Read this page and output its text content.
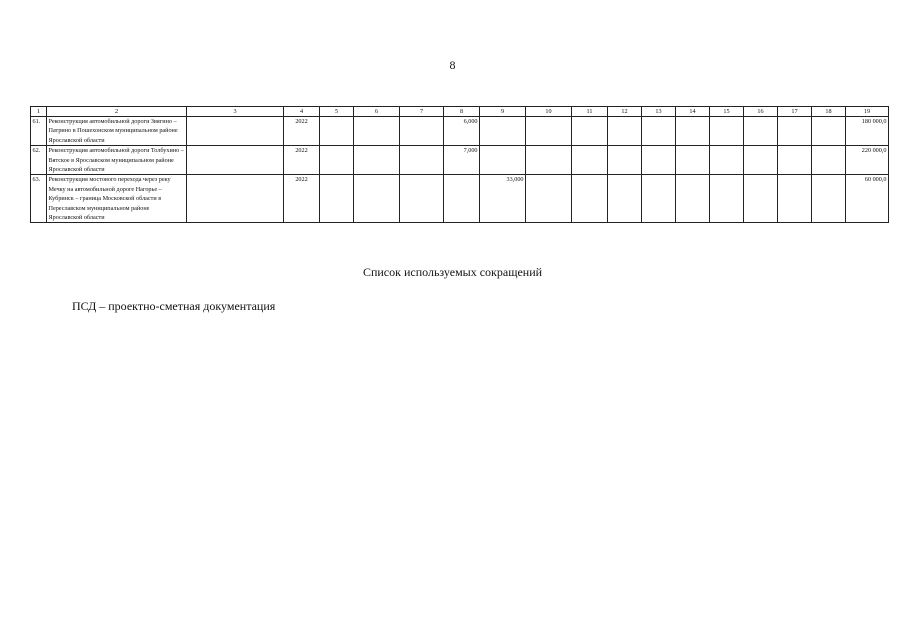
8
1	2	3	4	5	6	7	8	9	10	11	12	13	14	15	16	17	18	19
61.	Реконструкция автомобильной дороги Звягино – Патрино в Пошехонском муниципальном районе Ярославской области		2022				6,000											180 000,0
62.	Реконструкция автомобильной дороги Толбухино – Вятское в Ярославском муниципальном районе Ярославской области		2022				7,000											220 000,0
63.	Реконструкция мостового перехода через реку Мечку на автомобильной дороге Нагорье – Кубринск – граница Московской области в Переславском муниципальном районе Ярославской области		2022					33,000										60 000,0
Список используемых сокращений
ПСД – проектно-сметная документация
